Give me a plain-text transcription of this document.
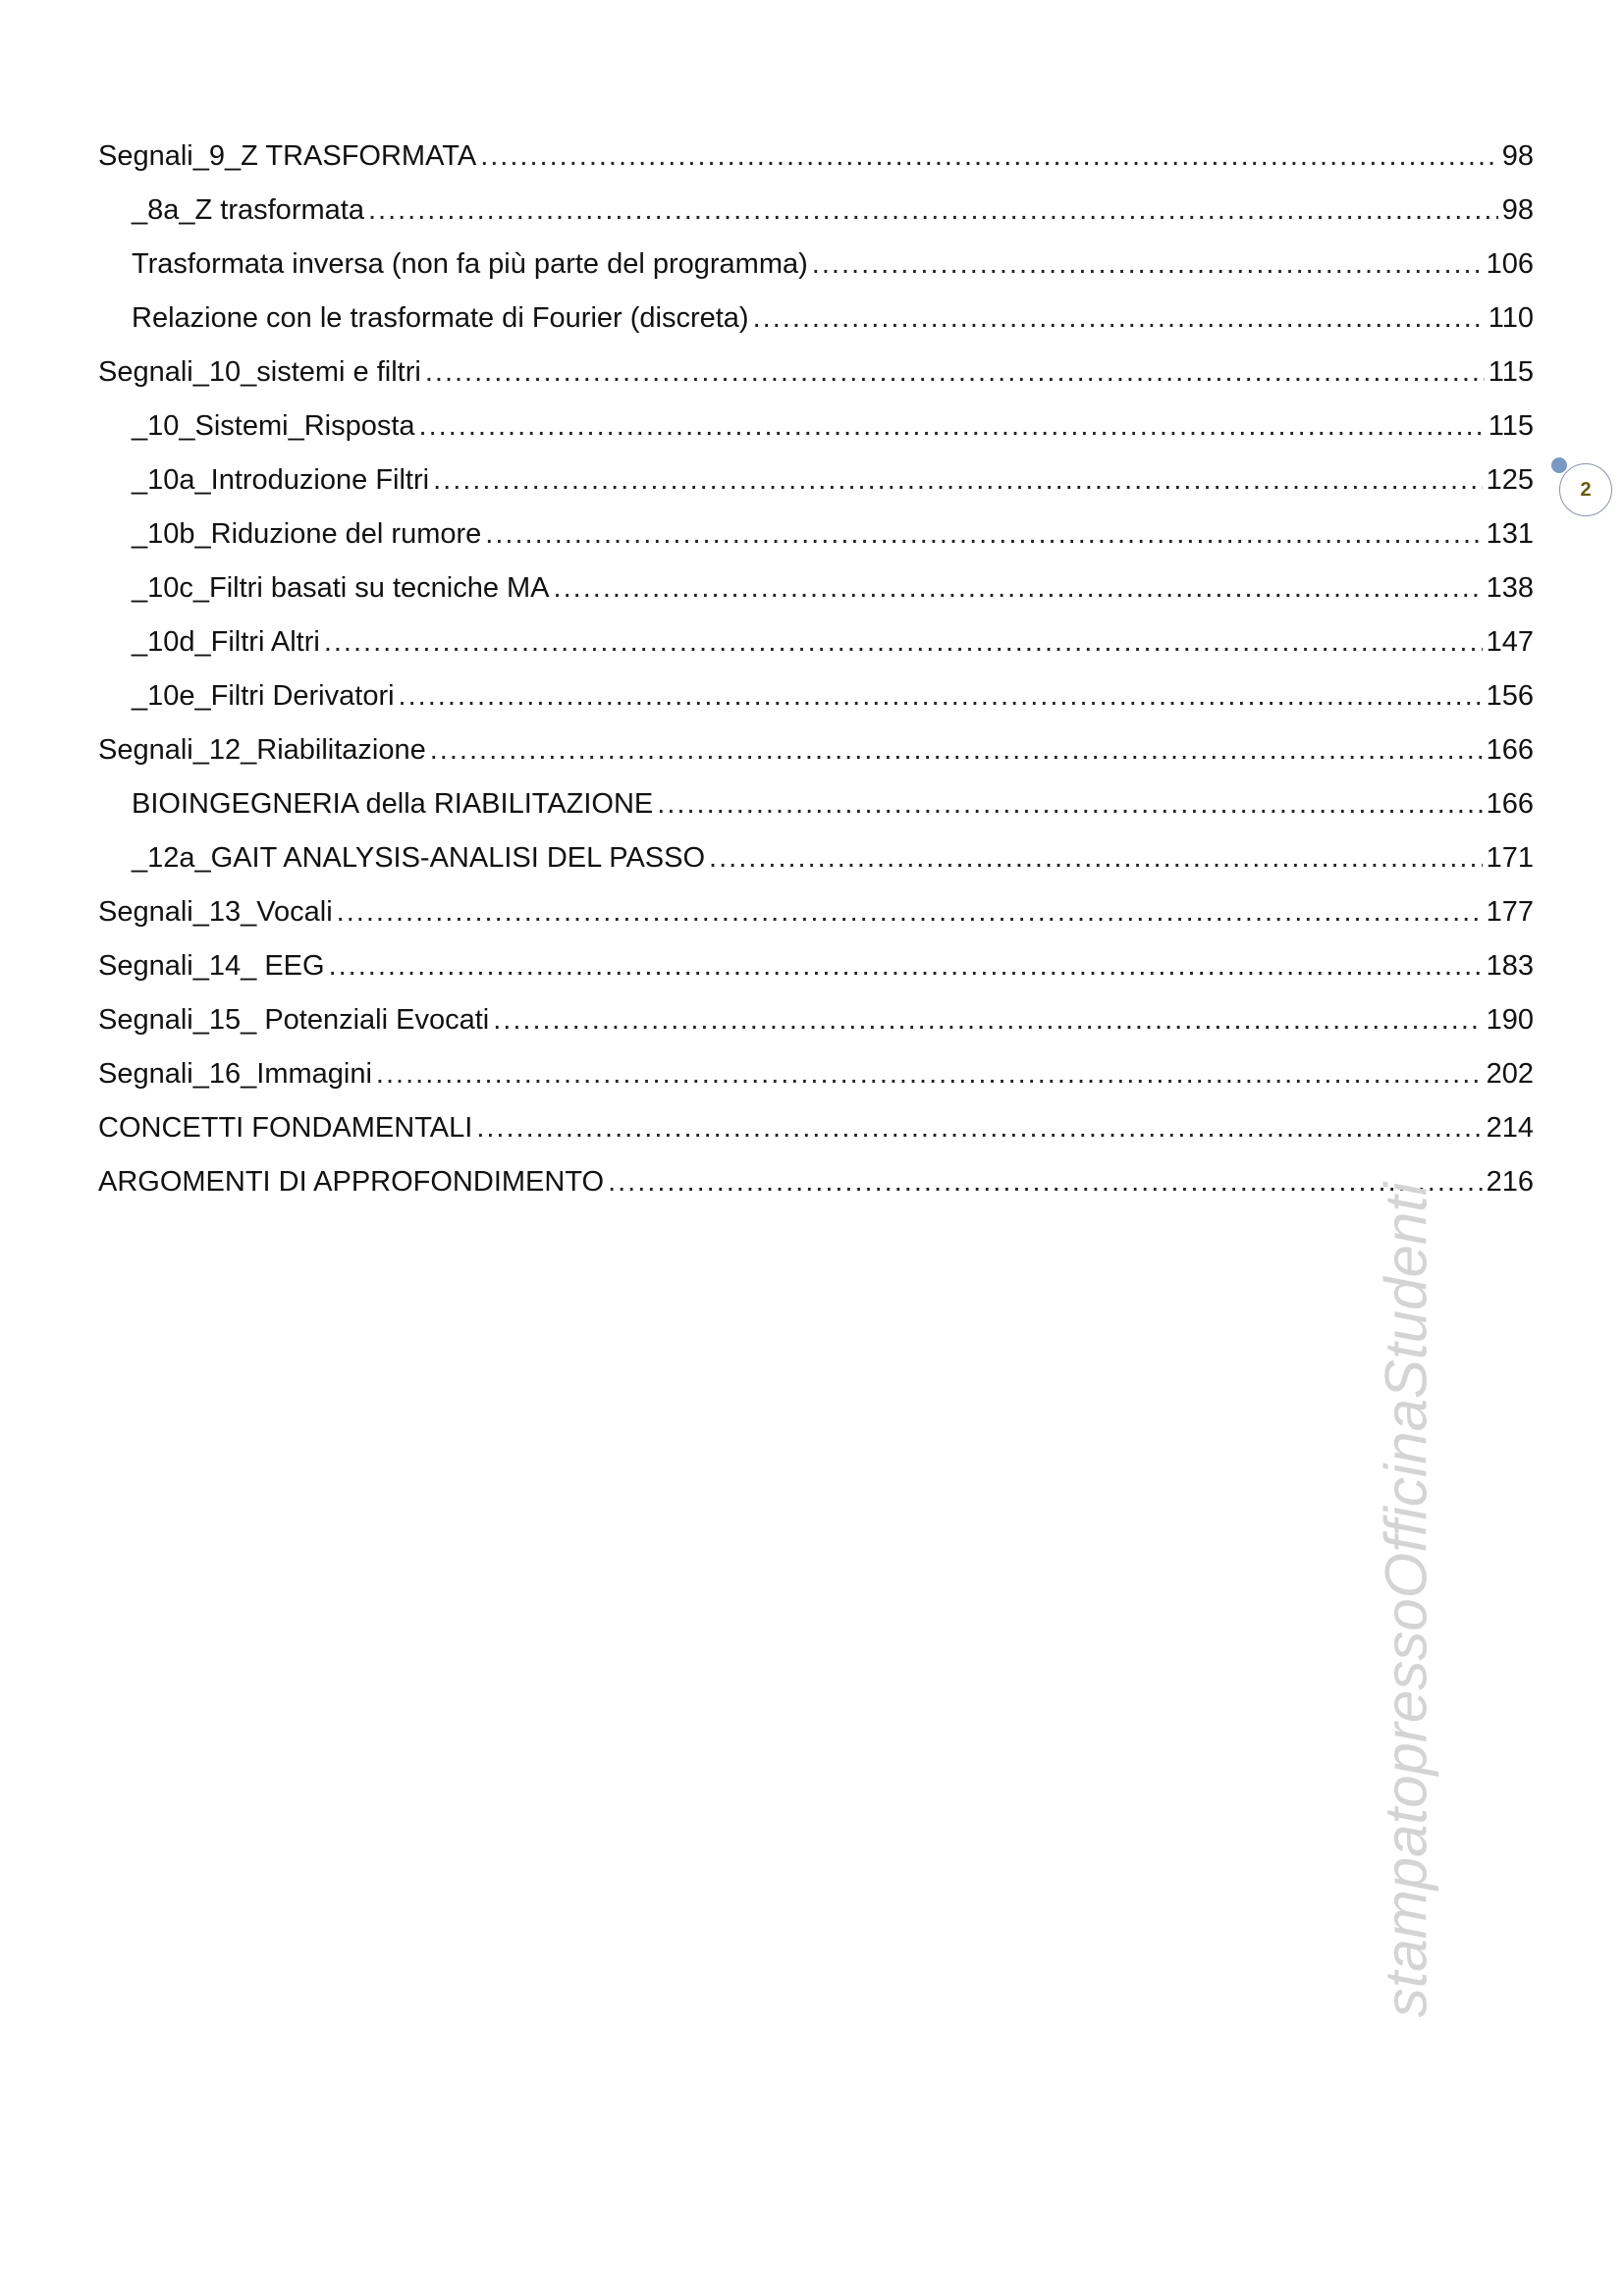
Segnali_9_Z TRASFORMATA .....	98
_8a_Z trasformata .....	98
Trasformata inversa (non fa più parte del programma) .....	106
Relazione con le trasformate di Fourier (discreta) .....	110
Segnali_10_sistemi e filtri .....	115
_10_Sistemi_Risposta .....	115
_10a_Introduzione Filtri .....	125
_10b_Riduzione del rumore .....	131
_10c_Filtri basati su tecniche MA .....	138
_10d_Filtri Altri .....	147
_10e_Filtri Derivatori .....	156
Segnali_12_Riabilitazione .....	166
BIOINGEGNERIA della RIABILITAZIONE .....	166
_12a_GAIT ANALYSIS-ANALISI DEL PASSO .....	171
Segnali_13_Vocali .....	177
Segnali_14_ EEG .....	183
Segnali_15_ Potenziali Evocati .....	190
Segnali_16_Immagini .....	202
CONCETTI FONDAMENTALI .....	214
ARGOMENTI DI APPROFONDIMENTO .....	216
2
stampatopressoOfficinaStudenti
